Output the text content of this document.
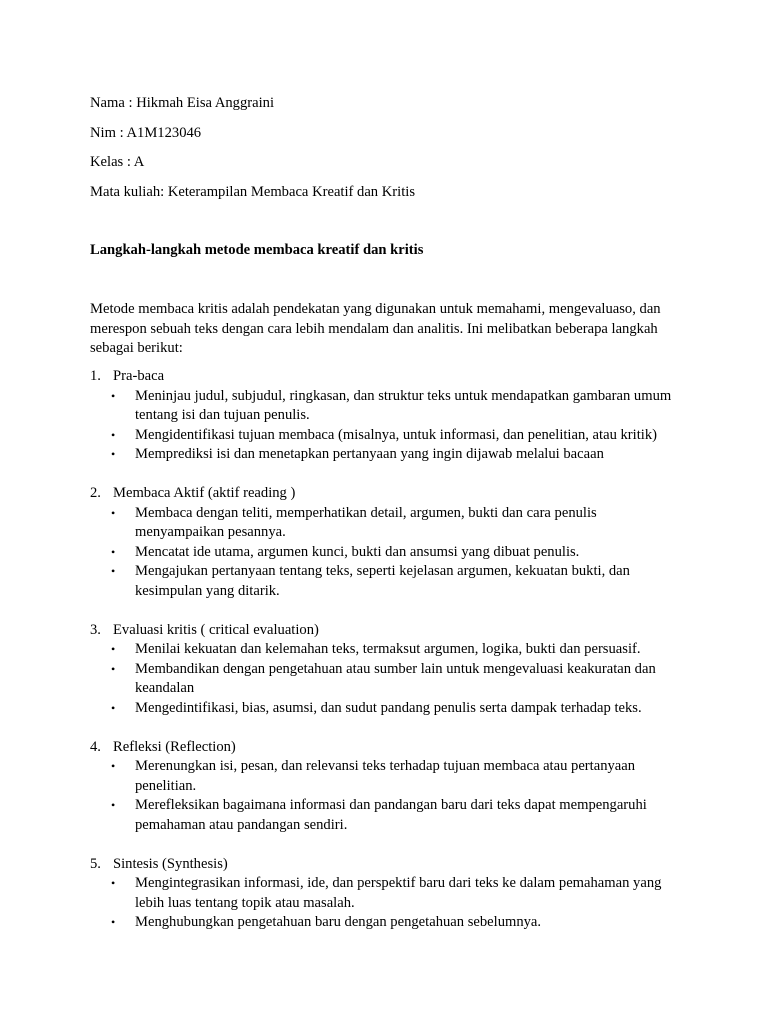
Nama : Hikmah Eisa Anggraini
Nim : A1M123046
Kelas : A
Mata kuliah: Keterampilan Membaca Kreatif dan Kritis
Langkah-langkah metode membaca kreatif dan kritis
Metode membaca kritis adalah pendekatan yang digunakan untuk memahami, mengevaluaso, dan merespon sebuah teks dengan cara lebih mendalam dan analitis. Ini melibatkan beberapa langkah sebagai berikut:
1. Pra-baca
• Meninjau judul, subjudul, ringkasan, dan struktur teks untuk mendapatkan gambaran umum tentang isi dan tujuan penulis.
• Mengidentifikasi tujuan membaca (misalnya, untuk informasi, dan penelitian, atau kritik)
• Memprediksi isi dan menetapkan pertanyaan yang ingin dijawab melalui bacaan
2. Membaca Aktif (aktif reading )
• Membaca dengan teliti, memperhatikan detail, argumen, bukti dan cara penulis menyampaikan pesannya.
• Mencatat ide utama, argumen kunci, bukti dan ansumsi yang dibuat penulis.
• Mengajukan pertanyaan tentang teks, seperti kejelasan argumen, kekuatan bukti, dan kesimpulan yang ditarik.
3. Evaluasi kritis ( critical evaluation)
• Menilai kekuatan dan kelemahan teks, termaksut argumen, logika, bukti dan persuasif.
• Membandikan dengan pengetahuan atau sumber lain untuk mengevaluasi keakuratan dan keandalan
• Mengedintifikasi, bias, asumsi, dan sudut pandang penulis serta dampak terhadap teks.
4. Refleksi (Reflection)
• Merenungkan isi, pesan, dan relevansi teks terhadap tujuan membaca atau pertanyaan penelitian.
• Merefleksikan bagaimana informasi dan pandangan baru dari teks dapat mempengaruhi pemahaman atau pandangan sendiri.
5. Sintesis (Synthesis)
• Mengintegrasikan informasi, ide, dan perspektif baru dari teks ke dalam pemahaman yang lebih luas tentang topik atau masalah.
• Menghubungkan pengetahuan baru dengan pengetahuan sebelumnya.
